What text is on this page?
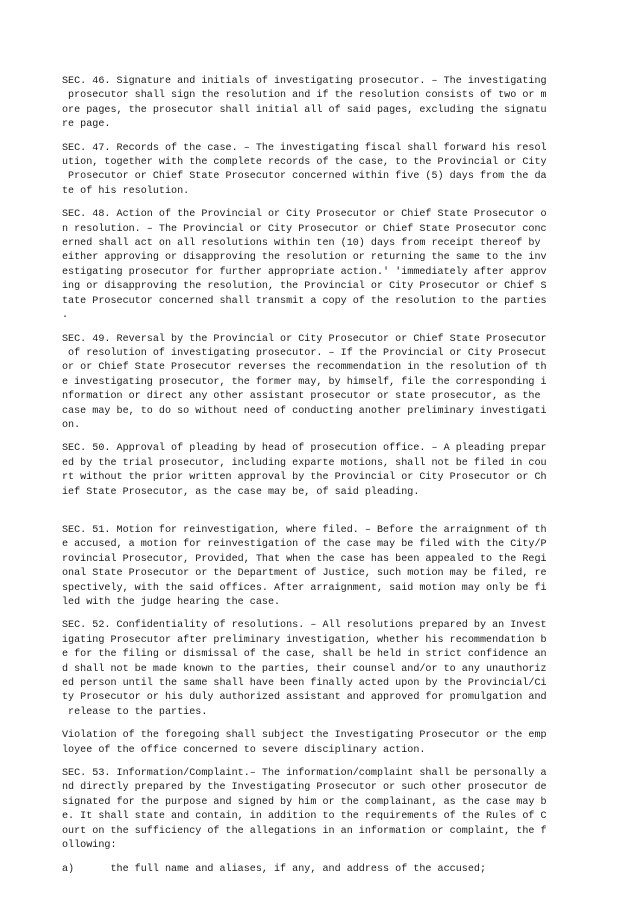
SEC. 46. Signature and initials of investigating prosecutor. – The investigating
prosecutor shall sign the resolution and if the resolution consists of two or m
ore pages, the prosecutor shall initial all of said pages, excluding the signatu
re page.

SEC. 47. Records of the case. – The investigating fiscal shall forward his resol
ution, together with the complete records of the case, to the Provincial or City
Prosecutor or Chief State Prosecutor concerned within five (5) days from the da
te of his resolution.

SEC. 48. Action of the Provincial or City Prosecutor or Chief State Prosecutor o
n resolution. – The Provincial or City Prosecutor or Chief State Prosecutor conc
erned shall act on all resolutions within ten (10) days from receipt thereof by
either approving or disapproving the resolution or returning the same to the inv
estigating prosecutor for further appropriate action.' 'immediately after approv
ing or disapproving the resolution, the Provincial or City Prosecutor or Chief S
tate Prosecutor concerned shall transmit a copy of the resolution to the parties
.

SEC. 49. Reversal by the Provincial or City Prosecutor or Chief State Prosecutor
of resolution of investigating prosecutor. – If the Provincial or City Prosecut
or or Chief State Prosecutor reverses the recommendation in the resolution of th
e investigating prosecutor, the former may, by himself, file the corresponding i
nformation or direct any other assistant prosecutor or state prosecutor, as the
case may be, to do so without need of conducting another preliminary investigati
on.

SEC. 50. Approval of pleading by head of prosecution office. – A pleading prepar
ed by the trial prosecutor, including exparte motions, shall not be filed in cou
rt without the prior written approval by the Provincial or City Prosecutor or Ch
ief State Prosecutor, as the case may be, of said pleading.

SEC. 51. Motion for reinvestigation, where filed. – Before the arraignment of th
e accused, a motion for reinvestigation of the case may be filed with the City/P
rovincial Prosecutor, Provided, That when the case has been appealed to the Regi
onal State Prosecutor or the Department of Justice, such motion may be filed, re
spectively, with the said offices. After arraignment, said motion may only be fi
led with the judge hearing the case.

SEC. 52. Confidentiality of resolutions. – All resolutions prepared by an Invest
igating Prosecutor after preliminary investigation, whether his recommendation b
e for the filing or dismissal of the case, shall be held in strict confidence an
d shall not be made known to the parties, their counsel and/or to any unauthoriz
ed person until the same shall have been finally acted upon by the Provincial/Ci
ty Prosecutor or his duly authorized assistant and approved for promulgation and
release to the parties.

Violation of the foregoing shall subject the Investigating Prosecutor or the emp
loyee of the office concerned to severe disciplinary action.

SEC. 53. Information/Complaint.– The information/complaint shall be personally a
nd directly prepared by the Investigating Prosecutor or such other prosecutor de
signated for the purpose and signed by him or the complainant, as the case may b
e. It shall state and contain, in addition to the requirements of the Rules of C
ourt on the sufficiency of the allegations in an information or complaint, the f
ollowing:

a)      the full name and aliases, if any, and address of the accused;
